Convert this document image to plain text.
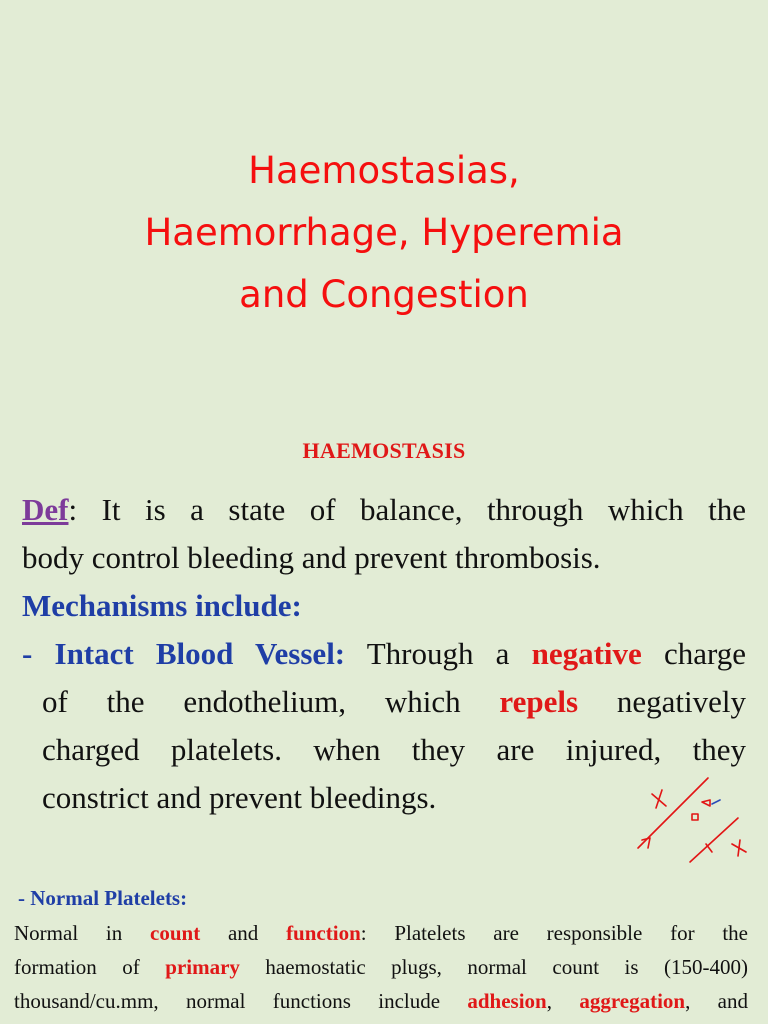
Haemostasias,
Haemorrhage, Hyperemia
and Congestion
HAEMOSTASIS
Def: It is a state of balance, through which the
body control bleeding and prevent thrombosis.
Mechanisms include:
- Intact Blood Vessel: Through a negative charge
of the endothelium, which repels negatively
charged platelets. when they are injured, they
constrict and prevent bleedings.
- Normal Platelets:
Normal in count and function: Platelets are responsible for the
formation of primary haemostatic plugs, normal count is (150-400)
thousand/cu.mm, normal functions include adhesion, aggregation, and
